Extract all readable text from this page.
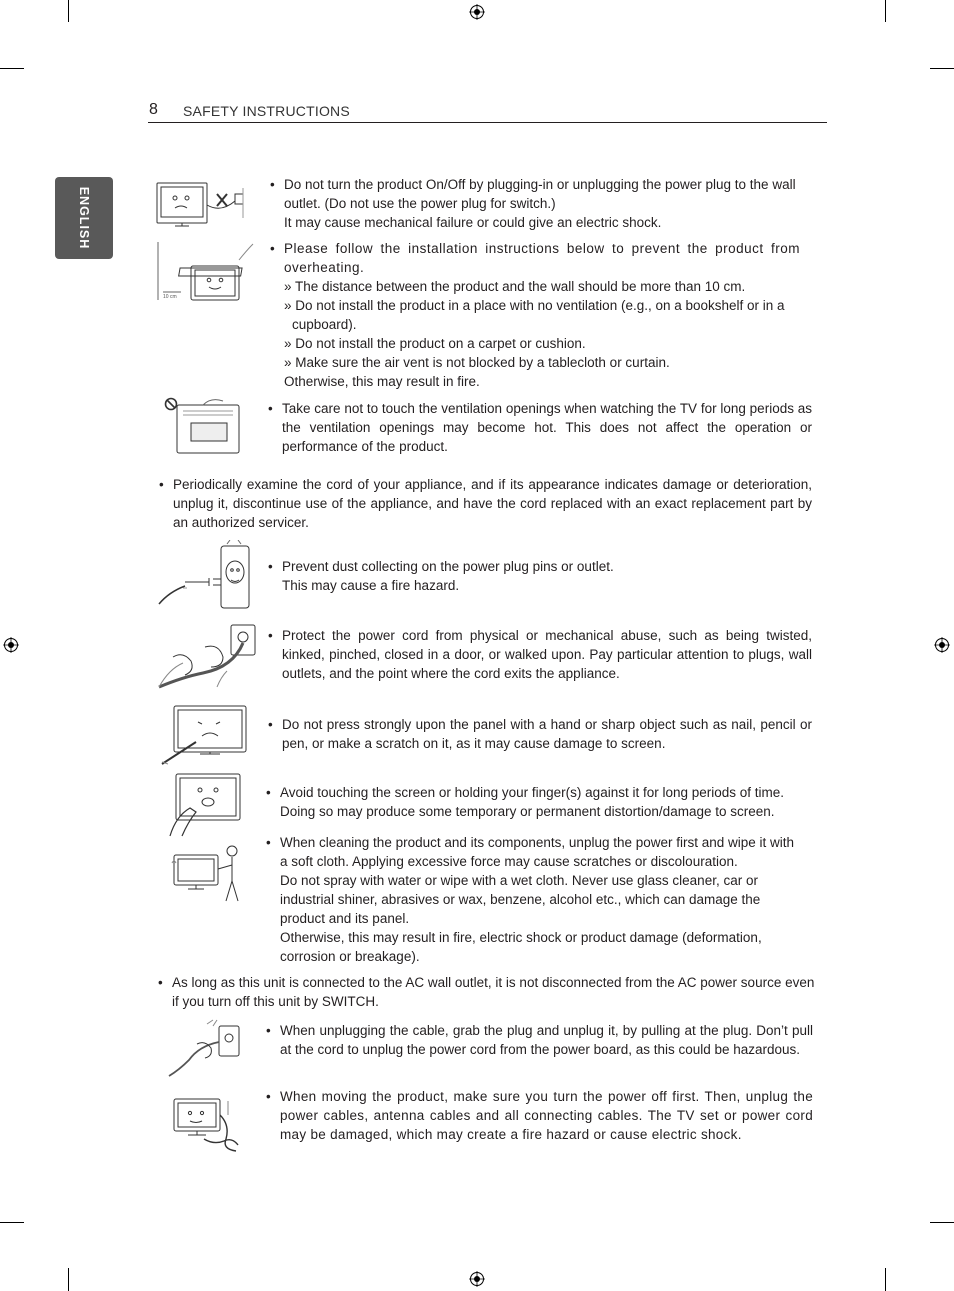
8 SAFETY INSTRUCTIONS
ENGLISH
10 cm
• Do not turn the product On/Off by plugging-in or unplugging the power plug to the wall outlet. (Do not use the power plug for switch.)

It may cause mechanical failure or could give an electric shock.

• Please follow the installation instructions below to prevent the product from overheating.

» The distance between the product and the wall should be more than 10 cm.

» Do not install the product in a place with no ventilation (e.g., on a bookshelf or in a cupboard).

» Do not install the product on a carpet or cushion.

» Make sure the air vent is not blocked by a tablecloth or curtain.

Otherwise, this may result in fire.

• Take care not to touch the ventilation openings when watching the TV for long periods as the ventilation openings may become hot. This does not affect the operation or performance of the product.

• Periodically examine the cord of your appliance, and if its appearance indicates damage or deterioration, unplug it, discontinue use of the appliance, and have the cord replaced with an exact replacement part by an authorized servicer.

• Prevent dust collecting on the power plug pins or outlet.

This may cause a fire hazard.

• Protect the power cord from physical or mechanical abuse, such as being twisted, kinked, pinched, closed in a door, or walked upon. Pay particular attention to plugs, wall outlets, and the point where the cord exits the appliance.

• Do not press strongly upon the panel with a hand or sharp object such as nail, pencil or pen, or make a scratch on it, as it may cause damage to screen.

• Avoid touching the screen or holding your finger(s) against it for long periods of time.

Doing so may produce some temporary or permanent distortion/damage to screen.

• When cleaning the product and its components, unplug the power first and wipe it with a soft cloth. Applying excessive force may cause scratches or discolouration.

Do not spray with water or wipe with a wet cloth. Never use glass cleaner, car or industrial shiner, abrasives or wax, benzene, alcohol etc., which can damage the product and its panel.

Otherwise, this may result in fire, electric shock or product damage (deformation, corrosion or breakage).

• As long as this unit is connected to the AC wall outlet, it is not disconnected from the AC power source even if you turn off this unit by SWITCH.

• When unplugging the cable, grab the plug and unplug it, by pulling at the plug. Don’t pull at the cord to unplug the power cord from the power board, as this could be hazardous.

• When moving the product, make sure you turn the power off first. Then, unplug the power cables, antenna cables and all connecting cables. The TV set or power cord may be damaged, which may create a fire hazard or cause electric shock.
